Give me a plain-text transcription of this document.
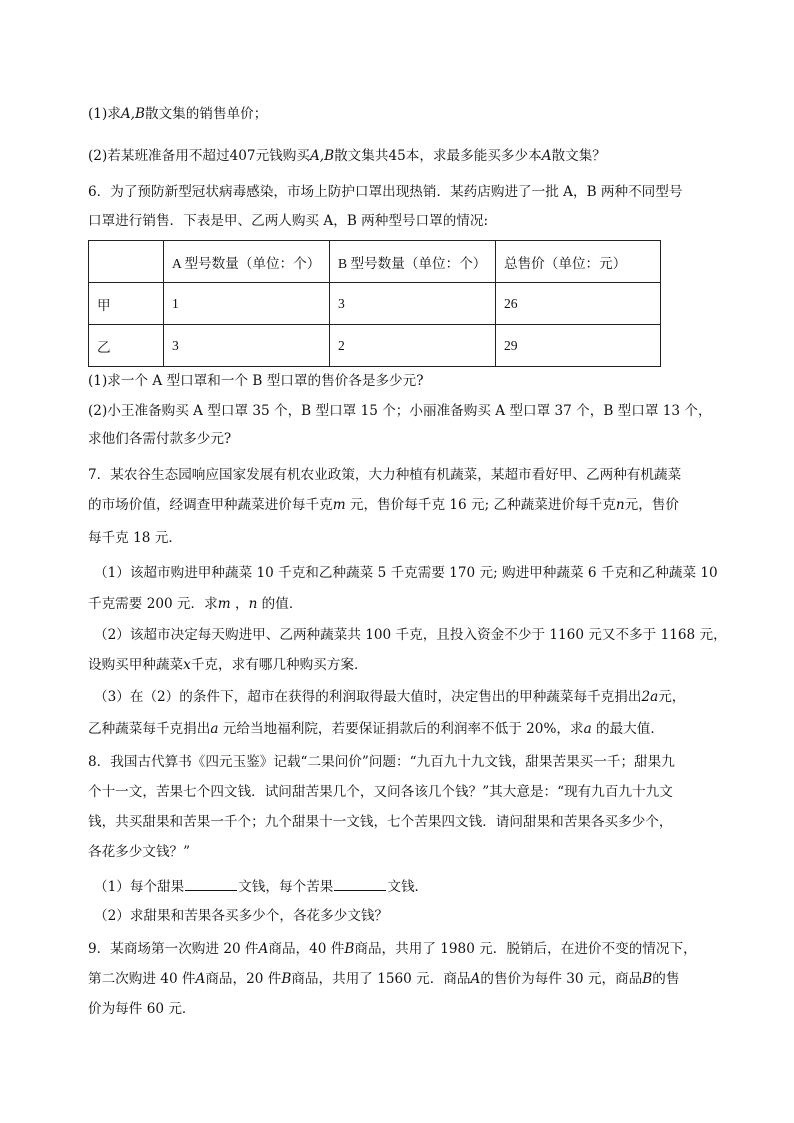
(1)求A,B散文集的销售单价；
(2)若某班准备用不超过407元钱购买A,B散文集共45本，求最多能买多少本A散文集？
6．为了预防新型冠状病毒感染，市场上防护口罩出现热销．某药店购进了一批 A，B 两种不同型号
口罩进行销售．下表是甲、乙两人购买 A，B 两种型号口罩的情况:
	A 型号数量（单位：个）	B 型号数量（单位：个）	总售价（单位：元）
甲	1	3	26
乙	3	2	29
(1)求一个 A 型口罩和一个 B 型口罩的售价各是多少元?
(2)小王准备购买 A 型口罩 35 个，B 型口罩 15 个；小丽准备购买 A 型口罩 37 个，B 型口罩 13 个，
求他们各需付款多少元?
7．某农谷生态园响应国家发展有机农业政策，大力种植有机蔬菜，某超市看好甲、乙两种有机蔬菜
的市场价值，经调查甲种蔬菜进价每千克m 元，售价每千克 16 元; 乙种蔬菜进价每千克n元，售价
每千克 18 元．
（1）该超市购进甲种蔬菜 10 千克和乙种蔬菜 5 千克需要 170 元; 购进甲种蔬菜 6 千克和乙种蔬菜 10
千克需要 200 元．求m ，n 的值．
（2）该超市决定每天购进甲、乙两种蔬菜共 100 千克，且投入资金不少于 1160 元又不多于 1168 元，
设购买甲种蔬菜x千克，求有哪几种购买方案．
（3）在（2）的条件下，超市在获得的利润取得最大值时，决定售出的甲种蔬菜每千克捐出2a元，
乙种蔬菜每千克捐出a 元给当地福利院，若要保证捐款后的利润率不低于 20%，求a 的最大值．
8．我国古代算书《四元玉鉴》记载“二果问价”问题：“九百九十九文钱，甜果苦果买一千；甜果九
个十一文，苦果七个四文钱．试问甜苦果几个，又问各该几个钱？”其大意是：“现有九百九十九文
钱，共买甜果和苦果一千个；九个甜果十一文钱，七个苦果四文钱．请问甜果和苦果各买多少个，
各花多少文钱？”
（1）每个甜果	文钱，每个苦果	文钱．
（2）求甜果和苦果各买多少个，各花多少文钱？
9．某商场第一次购进 20 件A商品，40 件B商品，共用了 1980 元．脱销后，在进价不变的情况下，
第二次购进 40 件A商品，20 件B商品，共用了 1560 元．商品A的售价为每件 30 元，商品B的售
价为每件 60 元．
